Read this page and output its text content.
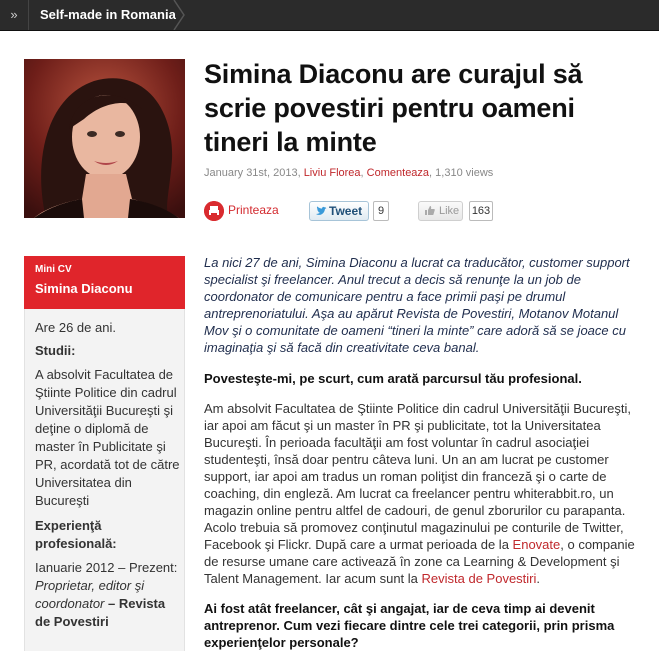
»	Self-made in Romania
Simina Diaconu are curajul să scrie povestiri pentru oameni tineri la minte
January 31st, 2013, Liviu Florea, Comenteaza, 1,310 views
Printeaza	Tweet	9	Like 163
Mini CV
Simina Diaconu

Are 26 de ani.

Studii:

A absolvit Facultatea de Ştiinte Politice din cadrul Universităţii Bucureşti şi deţine o diplomă de master în Publicitate şi PR, acordată tot de către Universitatea din Bucureşti

Experienţă profesională:

Ianuarie 2012 – Prezent: Proprietar, editor şi coordonator – Revista de Povestiri

La nici 27 de ani, Simina Diaconu a lucrat ca traducător, customer support specialist şi freelancer. Anul trecut a decis să renunţe la un job de coordonator de comunicare pentru a face primii paşi pe drumul antreprenoriatului. Aşa au apărut Revista de Povestiri, Motanov Motanul Mov şi o comunitate de oameni “tineri la minte” care adoră să se joace cu imaginaţia şi să facă din creativitate ceva banal.

Povesteşte-mi, pe scurt, cum arată parcursul tău profesional.

Am absolvit Facultatea de Ştiinte Politice din cadrul Universităţii Bucureşti, iar apoi am făcut şi un master în PR şi publicitate, tot la Universitatea Bucureşti. În perioada facultăţii am fost voluntar în cadrul asociaţiei studenteşti, însă doar pentru câteva luni. Un an am lucrat pe customer support, iar apoi am tradus un roman poliţist din franceză şi o carte de coaching, din engleză. Am lucrat ca freelancer pentru whiterabbit.ro, un magazin online pentru altfel de cadouri, de genul zborurilor cu parapanta. Acolo trebuia să promovez conţinutul magazinului pe conturile de Twitter, Facebook şi Flickr. După care a urmat perioada de la Enovate, o companie de resurse umane care activează în zone ca Learning & Development şi Talent Management. Iar acum sunt la Revista de Povestiri.

Ai fost atât freelancer, cât şi angajat, iar de ceva timp ai devenit antreprenor. Cum vezi fiecare dintre cele trei categorii, prin prisma experienţelor personale?
